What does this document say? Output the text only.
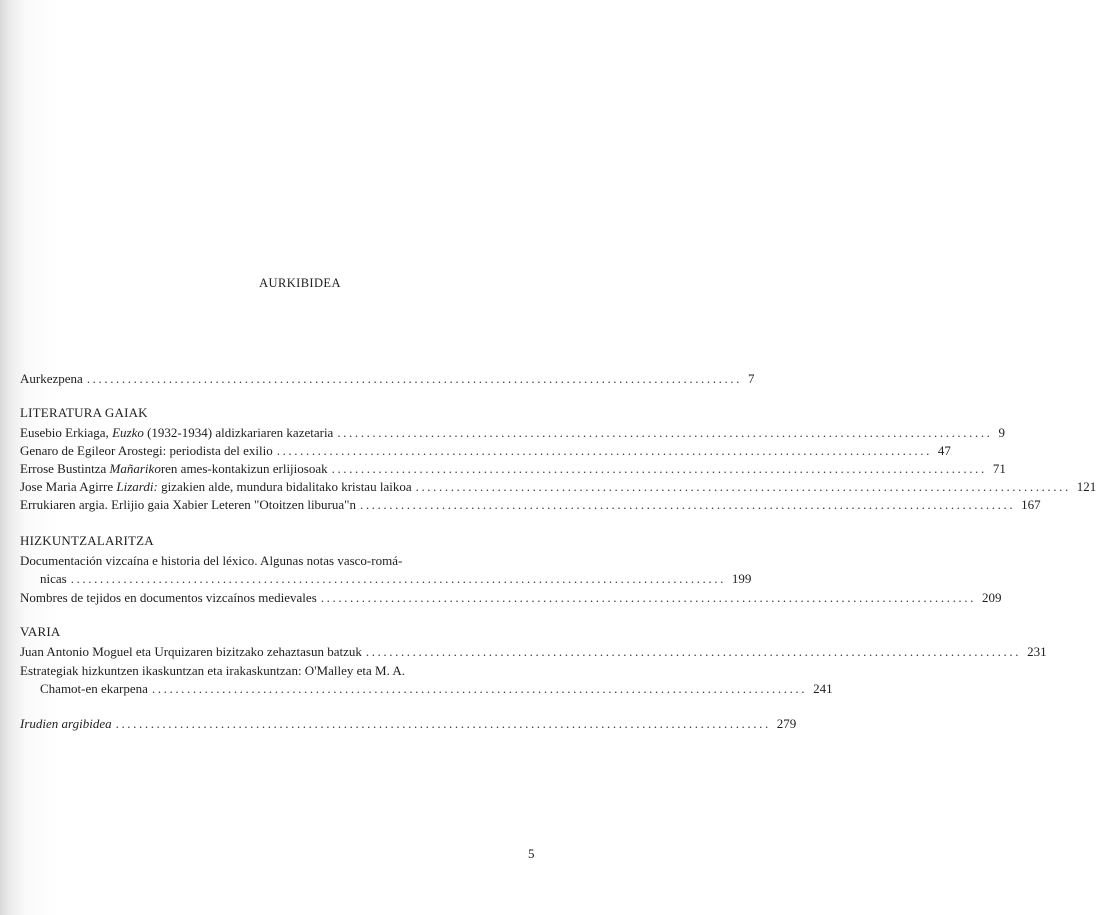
AURKIBIDEA
Aurkezpena ................................................................................................................ 7
LITERATURA GAIAK
Eusebio Erkiaga, Euzko (1932-1934) aldizkariaren kazetaria ................................................................................................................ 9
Genaro de Egileor Arostegi: periodista del exilio ................................................................................................................ 47
Errose Bustintza Mañarikoren ames-kontakizun erlijiosoak ................................................................................................................ 71
Jose Maria Agirre Lizardi: gizakien alde, mundura bidalitako kristau laikoa ................................................................................................................ 121
Errukiaren argia. Erlijio gaia Xabier Leteren "Otoitzen liburua"n ................................................................................................................ 167
HIZKUNTZALARITZA
Documentación vizcaína e historia del léxico. Algunas notas vasco-romá-
nicas ................................................................................................................ 199
Nombres de tejidos en documentos vizcaínos medievales ................................................................................................................ 209
VARIA
Juan Antonio Moguel eta Urquizaren bizitzako zehaztasun batzuk ................................................................................................................ 231
Estrategiak hizkuntzen ikaskuntzan eta irakaskuntzan: O'Malley eta M. A.
Chamot-en ekarpena ................................................................................................................ 241
Irudien argibidea ................................................................................................................ 279
5
